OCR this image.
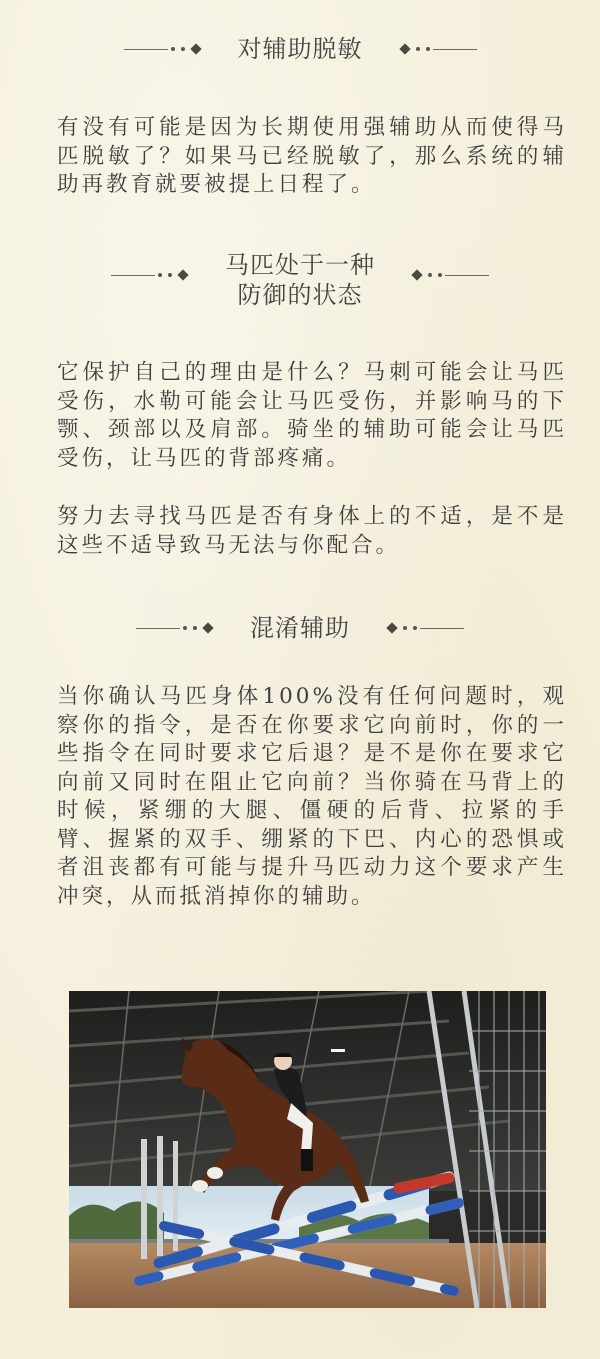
对辅助脱敏

有没有可能是因为长期使用强辅助从而使得马匹脱敏了？如果马已经脱敏了，那么系统的辅助再教育就要被提上日程了。

马匹处于一种
防御的状态

它保护自己的理由是什么？马刺可能会让马匹受伤，水勒可能会让马匹受伤，并影响马的下颚、颈部以及肩部。骑坐的辅助可能会让马匹受伤，让马匹的背部疼痛。

努力去寻找马匹是否有身体上的不适，是不是这些不适导致马无法与你配合。

混淆辅助

当你确认马匹身体100%没有任何问题时，观察你的指令，是否在你要求它向前时，你的一些指令在同时要求它后退？是不是你在要求它向前又同时在阻止它向前？当你骑在马背上的时候，紧绷的大腿、僵硬的后背、拉紧的手臂、握紧的双手、绷紧的下巴、内心的恐惧或者沮丧都有可能与提升马匹动力这个要求产生冲突，从而抵消掉你的辅助。
